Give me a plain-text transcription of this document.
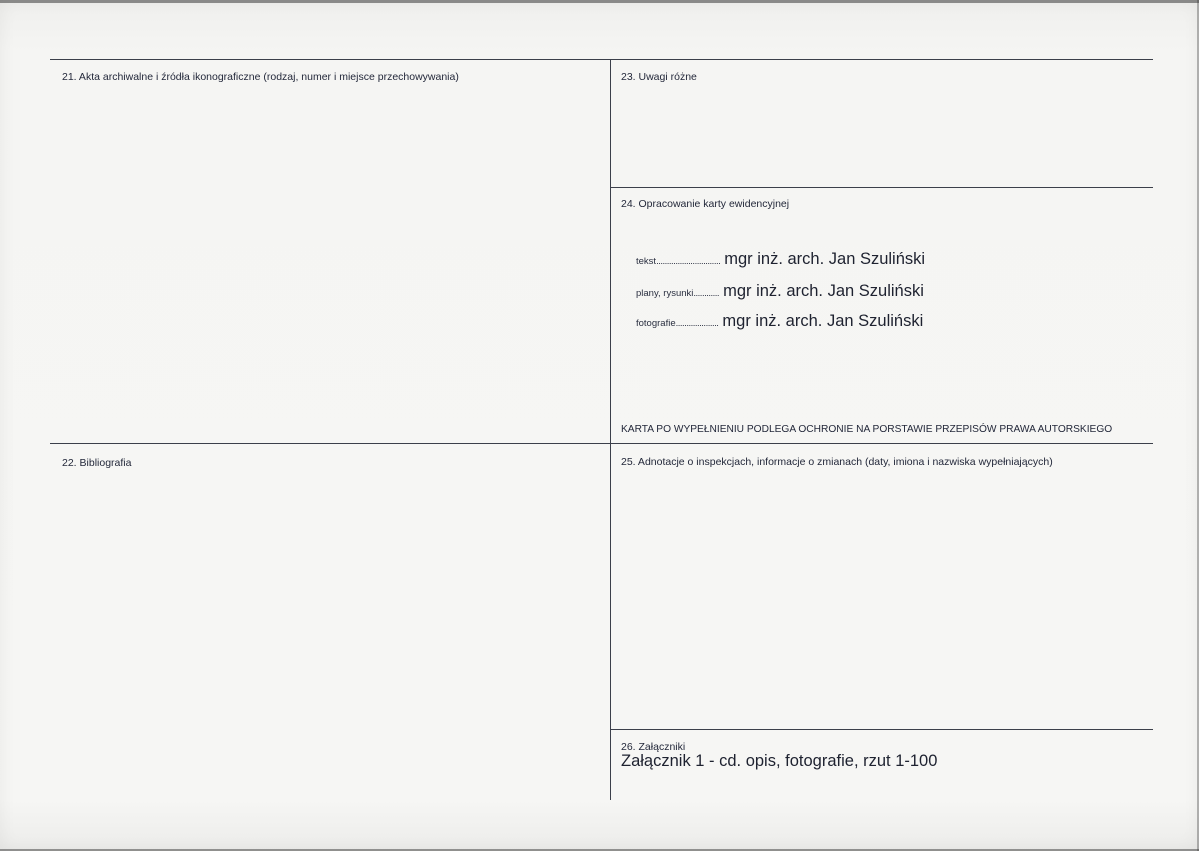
21. Akta archiwalne i źródła ikonograficzne (rodzaj, numer i miejsce przechowywania)
22. Bibliografia
23. Uwagi różne
24. Opracowanie karty ewidencyjnej
tekst .............................. mgr inż. arch. Jan Szuliński
plany, rysunki ............ mgr inż. arch. Jan Szuliński
fotografie .................... mgr inż. arch. Jan Szuliński
KARTA PO WYPEŁNIENIU PODLEGA OCHRONIE NA PORSTAWIE PRZEPISÓW PRAWA AUTORSKIEGO
25. Adnotacje o inspekcjach, informacje o zmianach (daty, imiona i nazwiska wypełniających)
26. Załączniki
Załącznik 1 - cd. opis, fotografie, rzut 1-100
